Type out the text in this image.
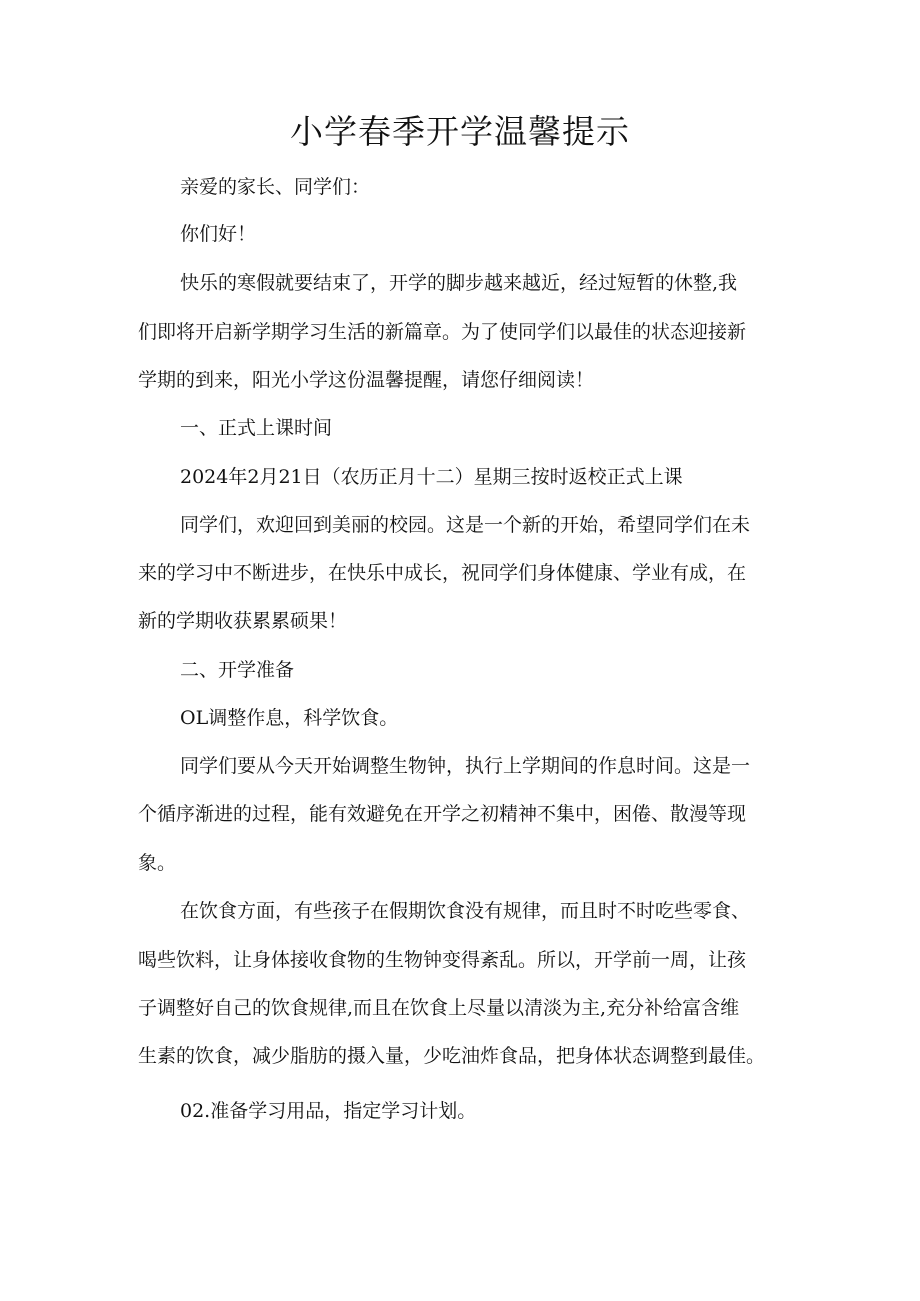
小学春季开学温馨提示

亲爱的家长、同学们：

你们好！

快乐的寒假就要结束了，开学的脚步越来越近，经过短暂的休整,我

们即将开启新学期学习生活的新篇章。为了使同学们以最佳的状态迎接新

学期的到来，阳光小学这份温馨提醒，请您仔细阅读！

一、正式上课时间

2024年2月21日（农历正月十二）星期三按时返校正式上课

同学们，欢迎回到美丽的校园。这是一个新的开始，希望同学们在未

来的学习中不断进步，在快乐中成长，祝同学们身体健康、学业有成，在

新的学期收获累累硕果！

二、开学准备

OL调整作息，科学饮食。

同学们要从今天开始调整生物钟，执行上学期间的作息时间。这是一

个循序渐进的过程，能有效避免在开学之初精神不集中，困倦、散漫等现

象。

在饮食方面，有些孩子在假期饮食没有规律，而且时不时吃些零食、

喝些饮料，让身体接收食物的生物钟变得紊乱。所以，开学前一周，让孩

子调整好自己的饮食规律,而且在饮食上尽量以清淡为主,充分补给富含维

生素的饮食，减少脂肪的摄入量，少吃油炸食品，把身体状态调整到最佳。

02.准备学习用品，指定学习计划。
